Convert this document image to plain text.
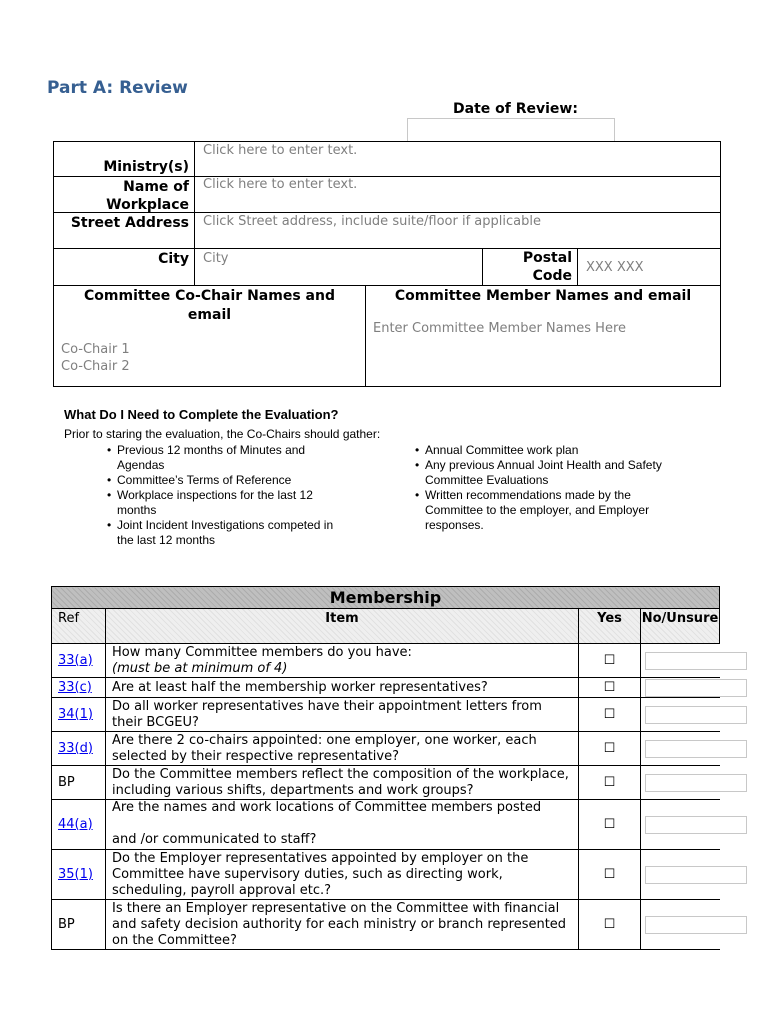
Part A: Review
Date of Review:
Ministry(s)
Click here to enter text.
Name of
Workplace
Click here to enter text.
Street Address Click Street address, include suite/floor if applicable
City City	Postal
Code
XXX XXX
Committee Co-Chair Names and
email
Co-Chair 1
Co-Chair 2
Committee Member Names and email
Enter Committee Member Names Here
What Do I Need to Complete the Evaluation?
Prior to staring the evaluation, the Co-Chairs should gather:
• Previous 12 months of Minutes and Agendas
• Committee’s Terms of Reference
• Workplace inspections for the last 12 months
• Joint Incident Investigations competed in the last 12 months
• Annual Committee work plan
• Any previous Annual Joint Health and Safety Committee Evaluations
• Written recommendations made by the Committee to the employer, and Employer responses.
Membership			
Ref	Item	Yes	No/Unsure
33(a)	How many Committee members do you have:
(must be at minimum of 4)	☐	

33(c)	Are at least half the membership worker representatives?	☐	

34(1)	Do all worker representatives have their appointment letters from their BCGEU?	☐	

33(d)	Are there 2 co-chairs appointed: one employer, one worker, each selected by their respective representative?	☐	

BP	Do the Committee members reflect the composition of the workplace, including various shifts, departments and work groups?	☐	

44(a)	Are the names and work locations of Committee members posted
and /or communicated to staff?	☐	

35(1)	Do the Employer representatives appointed by employer on the Committee have supervisory duties, such as directing work, scheduling, payroll approval etc.?	☐	

BP	Is there an Employer representative on the Committee with financial and safety decision authority for each ministry or branch represented on the Committee?	☐	
